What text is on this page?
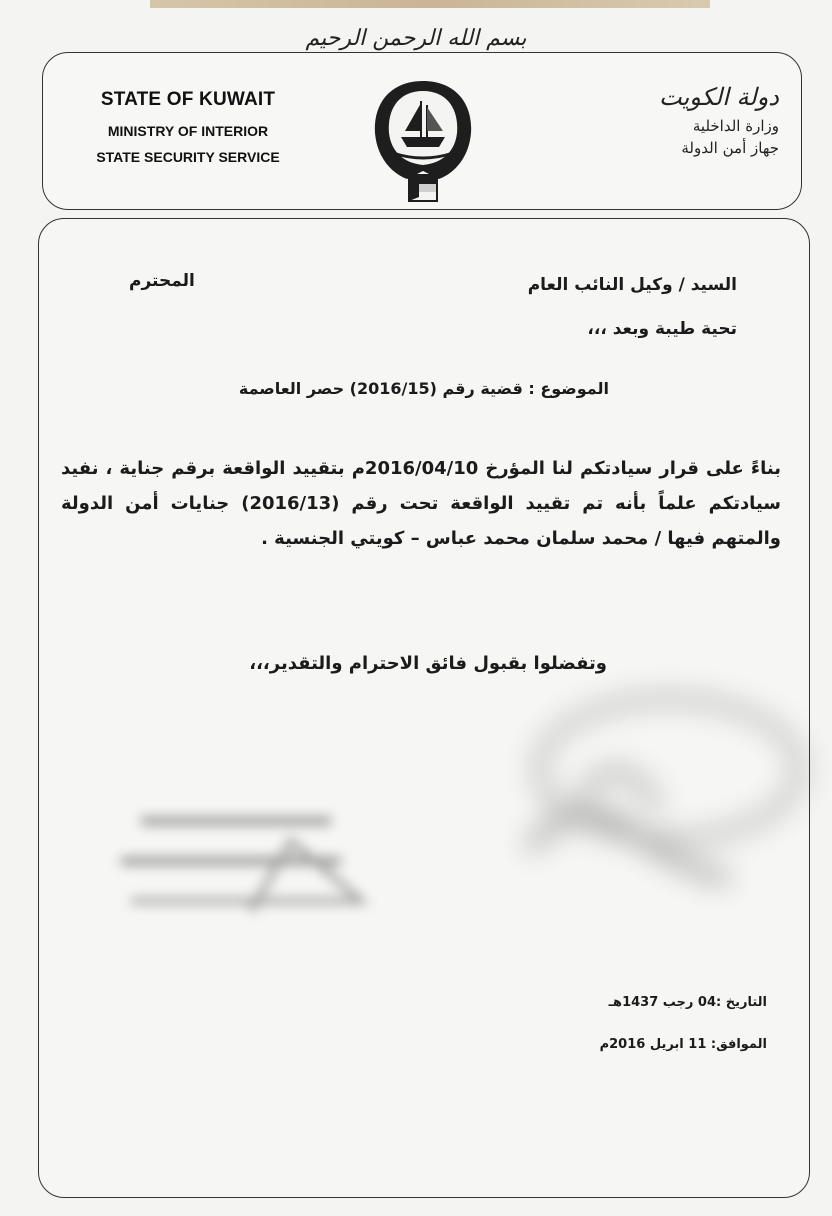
بسم الله الرحمن الرحيم
STATE OF KUWAIT
MINISTRY OF INTERIOR
STATE SECURITY SERVICE
دولة الكويت
وزارة الداخلية
جهاز أمن الدولة
السيد / وكيل النائب العام
المحترم
تحية طيبة وبعد ،،،
الموضوع : قضية رقم (2016/15) حصر العاصمة
بناءً على قرار سيادتكم لنا المؤرخ 2016/04/10م بتقييد الواقعة برقم جناية ، نفيد سيادتكم علماً بأنه تم تقييد الواقعة تحت رقم (2016/13) جنايات أمن الدولة والمتهم فيها / محمد سلمان محمد عباس – كويتي الجنسية .
وتفضلوا بقبول فائق الاحترام والتقدير،،،
التاريخ :04 رجب 1437هـ
الموافق: 11 ابريل 2016م
